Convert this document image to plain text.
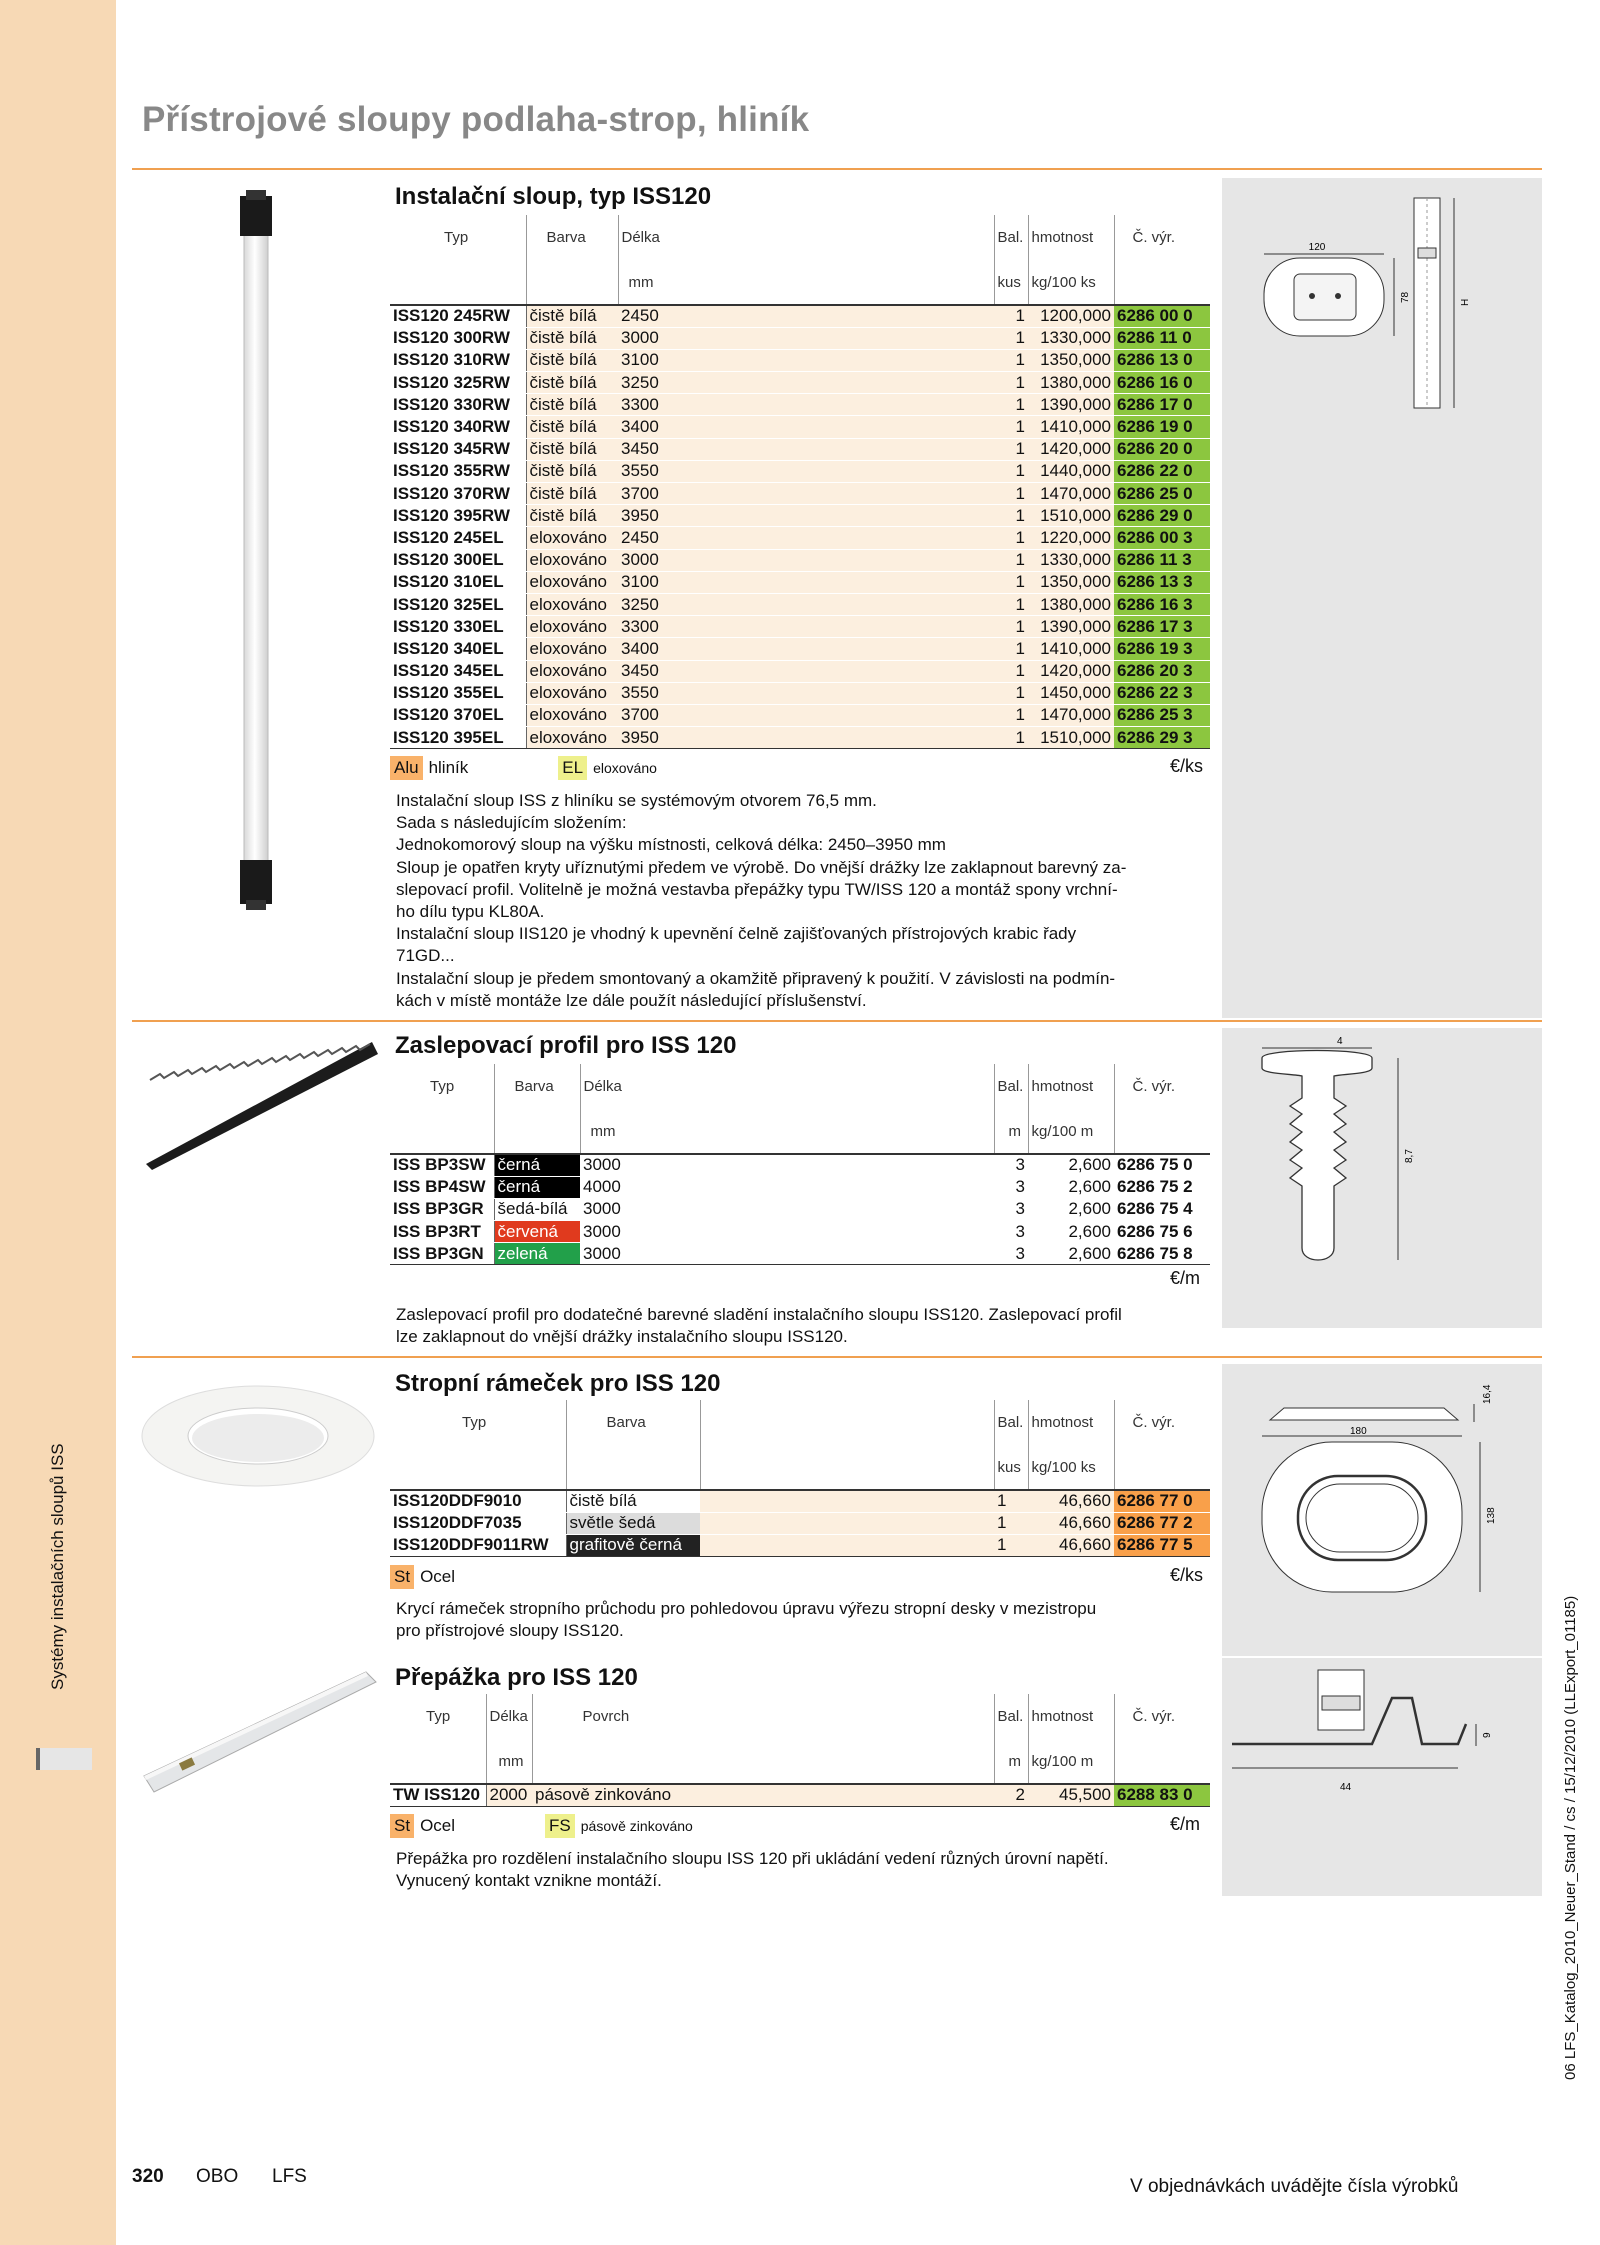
Systémy instalačních sloupů ISS
Přístrojové sloupy podlaha-strop, hliník
120
78	H
Instalační sloup, typ ISS120
Typ	Barva	Délka	Bal.	hmotnost	Č. výr.
		mm	kus	kg/100 ks	
ISS120 245RW	čistě bílá	2450	1	1200,000	6286 00 0
ISS120 300RW	čistě bílá	3000	1	1330,000	6286 11 0
ISS120 310RW	čistě bílá	3100	1	1350,000	6286 13 0
ISS120 325RW	čistě bílá	3250	1	1380,000	6286 16 0
ISS120 330RW	čistě bílá	3300	1	1390,000	6286 17 0
ISS120 340RW	čistě bílá	3400	1	1410,000	6286 19 0
ISS120 345RW	čistě bílá	3450	1	1420,000	6286 20 0
ISS120 355RW	čistě bílá	3550	1	1440,000	6286 22 0
ISS120 370RW	čistě bílá	3700	1	1470,000	6286 25 0
ISS120 395RW	čistě bílá	3950	1	1510,000	6286 29 0
ISS120 245EL	eloxováno	2450	1	1220,000	6286 00 3
ISS120 300EL	eloxováno	3000	1	1330,000	6286 11 3
ISS120 310EL	eloxováno	3100	1	1350,000	6286 13 3
ISS120 325EL	eloxováno	3250	1	1380,000	6286 16 3
ISS120 330EL	eloxováno	3300	1	1390,000	6286 17 3
ISS120 340EL	eloxováno	3400	1	1410,000	6286 19 3
ISS120 345EL	eloxováno	3450	1	1420,000	6286 20 3
ISS120 355EL	eloxováno	3550	1	1450,000	6286 22 3
ISS120 370EL	eloxováno	3700	1	1470,000	6286 25 3
ISS120 395EL	eloxováno	3950	1	1510,000	6286 29 3
Alu hliník	EL eloxováno	€/ks
Instalační sloup ISS z hliníku se systémovým otvorem 76,5 mm.
Sada s následujícím složením:
Jednokomorový sloup na výšku místnosti, celková délka: 2450–3950 mm
Sloup je opatřen kryty uříznutými předem ve výrobě. Do vnější drážky lze zaklapnout barevný za-
slepovací profil. Volitelně je možná vestavba přepážky typu TW/ISS 120 a montáž spony vrchní-
ho dílu typu KL80A.
Instalační sloup IIS120 je vhodný k upevnění čelně zajišťovaných přístrojových krabic řady
71GD...
Instalační sloup je předem smontovaný a okamžitě připravený k použití. V závislosti na podmín-
kách v místě montáže lze dále použít následující příslušenství.
4
8,7
Zaslepovací profil pro ISS 120
Typ	Barva	Délka	Bal.	hmotnost	Č. výr.
		mm	m	kg/100 m	
ISS BP3SW	černá	3000	3	2,600	6286 75 0
ISS BP4SW	černá	4000	3	2,600	6286 75 2
ISS BP3GR	šedá-bílá	3000	3	2,600	6286 75 4
ISS BP3RT	červená	3000	3	2,600	6286 75 6
ISS BP3GN	zelená	3000	3	2,600	6286 75 8
€/m
Zaslepovací profil pro dodatečné barevné sladění instalačního sloupu ISS120. Zaslepovací profil
lze zaklapnout do vnější drážky instalačního sloupu ISS120.
16,4
180
138
Stropní rámeček pro ISS 120
Typ	Barva		Bal.	hmotnost	Č. výr.
			kus	kg/100 ks	
ISS120DDF9010	čistě bílá		1	46,660	6286 77 0
ISS120DDF7035	světle šedá		1	46,660	6286 77 2
ISS120DDF9011RW	grafitově černá		1	46,660	6286 77 5
St Ocel	€/ks
Krycí rámeček stropního průchodu pro pohledovou úpravu výřezu stropní desky v mezistropu
pro přístrojové sloupy ISS120.
44
9
Přepážka pro ISS 120
Typ	Délka	Povrch	Bal.	hmotnost	Č. výr.
	mm		m	kg/100 m	
TW ISS120	2000	pásově zinkováno	2	45,500	6288 83 0
St Ocel	FS pásově zinkováno	€/m
Přepážka pro rozdělení instalačního sloupu ISS 120 při ukládání vedení různých úrovní napětí.
Vynucený kontakt vznikne montáží.
320 OBO LFS	V objednávkách uvádějte čísla výrobků
06 LFS_Katalog_2010_Neuer_Stand / cs / 15/12/2010 (LLExport_01185)
